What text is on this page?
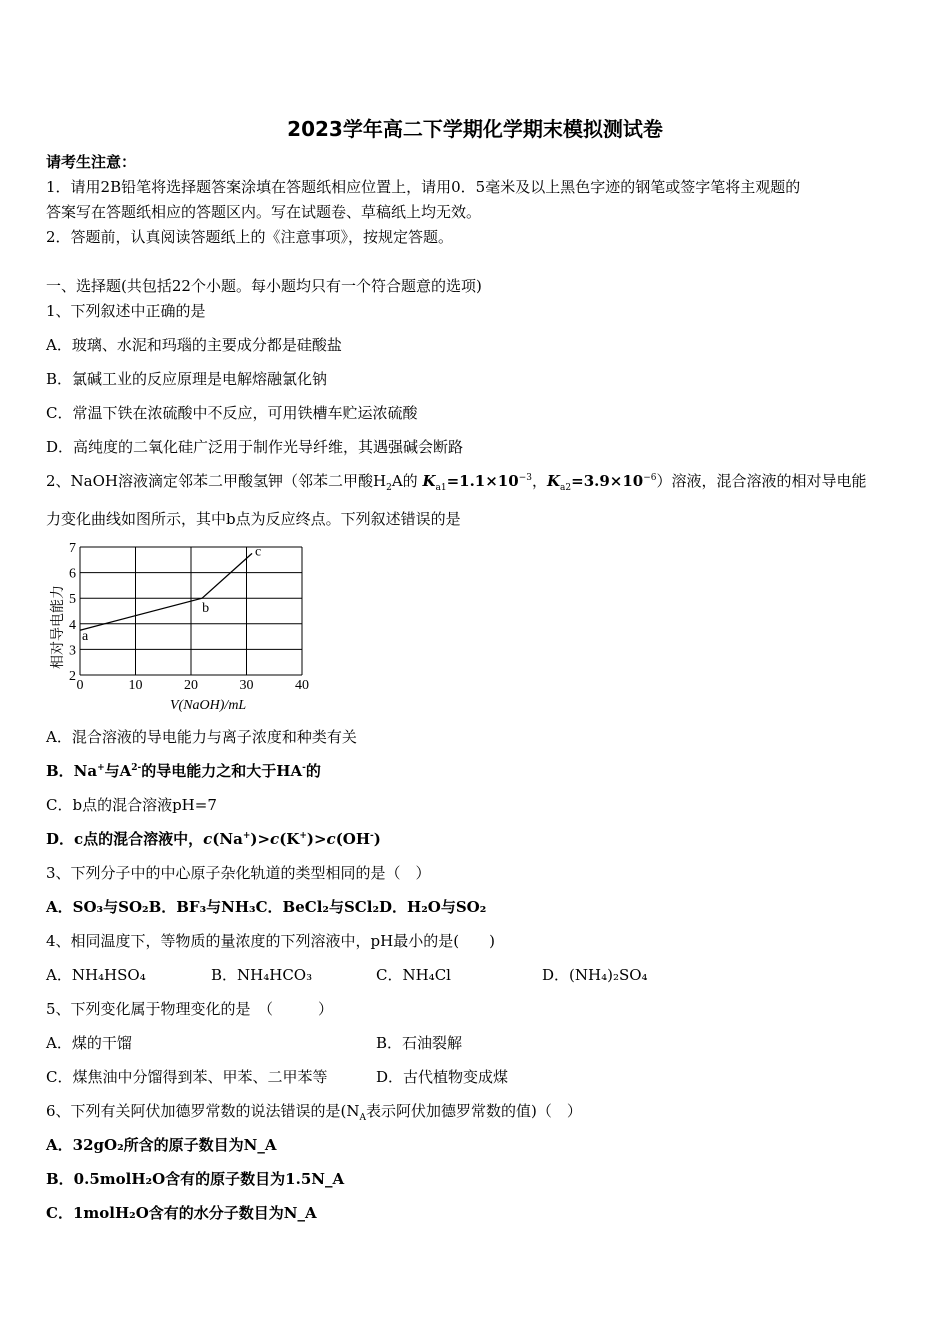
2023学年高二下学期化学期末模拟测试卷
请考生注意：
1．请用2B铅笔将选择题答案涂填在答题纸相应位置上，请用0．5毫米及以上黑色字迹的钢笔或签字笔将主观题的
答案写在答题纸相应的答题区内。写在试题卷、草稿纸上均无效。
2．答题前，认真阅读答题纸上的《注意事项》，按规定答题。
一、选择题(共包括22个小题。每小题均只有一个符合题意的选项)
1、下列叙述中正确的是
A．玻璃、水泥和玛瑙的主要成分都是硅酸盐
B．氯碱工业的反应原理是电解熔融氯化钠
C．常温下铁在浓硫酸中不反应，可用铁槽车贮运浓硫酸
D．高纯度的二氧化硅广泛用于制作光导纤维，其遇强碱会断路
2、NaOH溶液滴定邻苯二甲酸氢钾（邻苯二甲酸$H_2A$的 $K_{a1}=1.1\times 10^{-3}$，$K_{a2}=3.9\times 10^{-6}$）溶液，混合溶液的相对导电能
力变化曲线如图所示，其中b点为反应终点。下列叙述错误的是
0	10	20	30	40
2
3
4
5
6
7
a
b
c
V(NaOH)/mL
相对导电能力
A．混合溶液的导电能力与离子浓度和种类有关
B．Na+与$A^{2-}$的导电能力之和大于HA-的
C．b点的混合溶液pH=7
D．c点的混合溶液中，c(Na+)>c(K+)>c(OH-)
3、下列分子中的中心原子杂化轨道的类型相同的是（　）
A．SO₃与SO₂B．BF₃与NH₃C．BeCl₂与SCl₂D．H₂O与SO₂
4、相同温度下，等物质的量浓度的下列溶液中，pH最小的是(　　)
A．NH₄HSO₄	B．NH₄HCO₃	C．NH₄Cl	D．(NH₄)₂SO₄
5、下列变化属于物理变化的是　（　　　）
A．煤的干馏	B．石油裂解
C．煤焦油中分馏得到苯、甲苯、二甲苯等	D．古代植物变成煤
6、下列有关阿伏加德罗常数的说法错误的是($N_A$表示阿伏加德罗常数的值)（　）
A．32gO₂所含的原子数目为N_A
B．0.5molH₂O含有的原子数目为1.5N_A
C．1molH₂O含有的水分子数目为N_A
